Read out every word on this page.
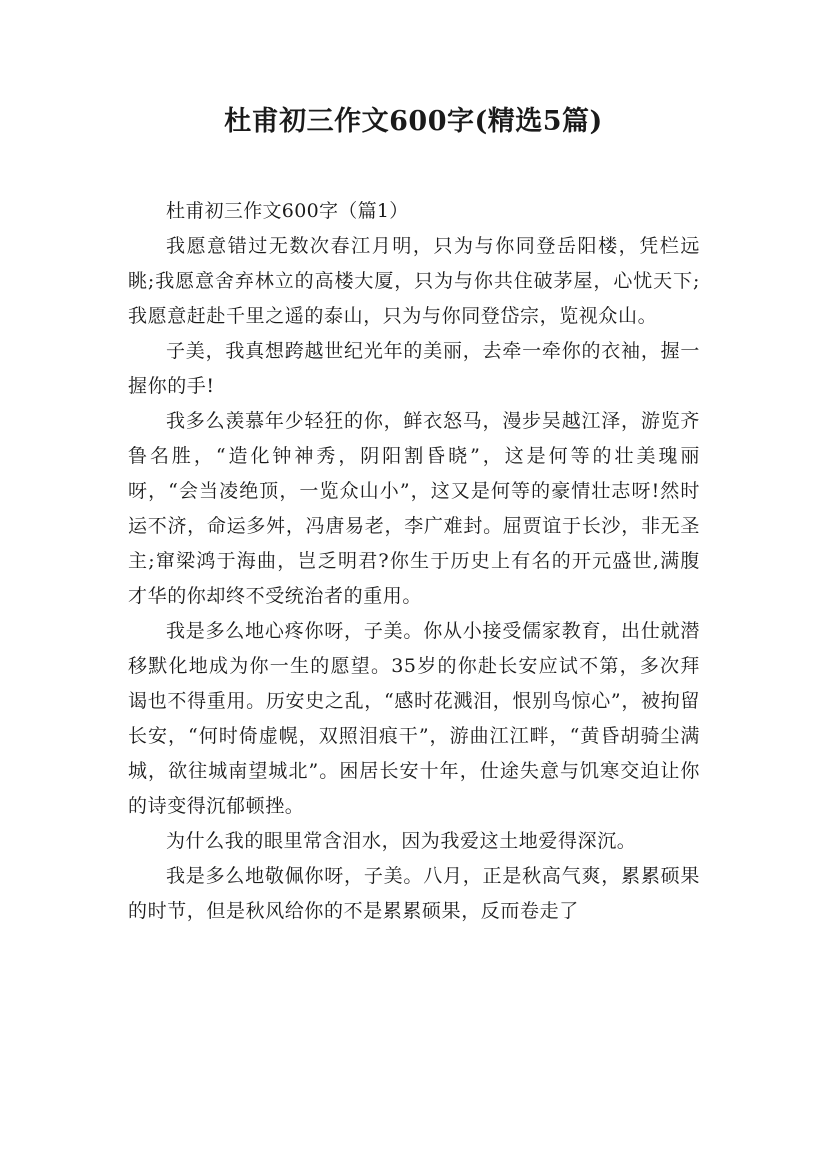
杜甫初三作文600字(精选5篇)

杜甫初三作文600字（篇1）

我愿意错过无数次春江月明，只为与你同登岳阳楼，凭栏远眺;我愿意舍弃林立的高楼大厦，只为与你共住破茅屋，心忧天下;我愿意赶赴千里之遥的泰山，只为与你同登岱宗，览视众山。

子美，我真想跨越世纪光年的美丽，去牵一牵你的衣袖，握一握你的手!

我多么羡慕年少轻狂的你，鲜衣怒马，漫步吴越江泽，游览齐鲁名胜，“造化钟神秀，阴阳割昏晓”，这是何等的壮美瑰丽呀，“会当凌绝顶，一览众山小”，这又是何等的豪情壮志呀!然时运不济，命运多舛，冯唐易老，李广难封。屈贾谊于长沙，非无圣主;窜梁鸿于海曲，岂乏明君?你生于历史上有名的开元盛世,满腹才华的你却终不受统治者的重用。

我是多么地心疼你呀，子美。你从小接受儒家教育，出仕就潜移默化地成为你一生的愿望。35岁的你赴长安应试不第，多次拜谒也不得重用。历安史之乱，“感时花溅泪，恨别鸟惊心”，被拘留长安，“何时倚虚幌，双照泪痕干”，游曲江江畔，“黄昏胡骑尘满城，欲往城南望城北”。困居长安十年，仕途失意与饥寒交迫让你的诗变得沉郁顿挫。

为什么我的眼里常含泪水，因为我爱这土地爱得深沉。

我是多么地敬佩你呀，子美。八月，正是秋高气爽，累累硕果的时节，但是秋风给你的不是累累硕果，反而卷走了
